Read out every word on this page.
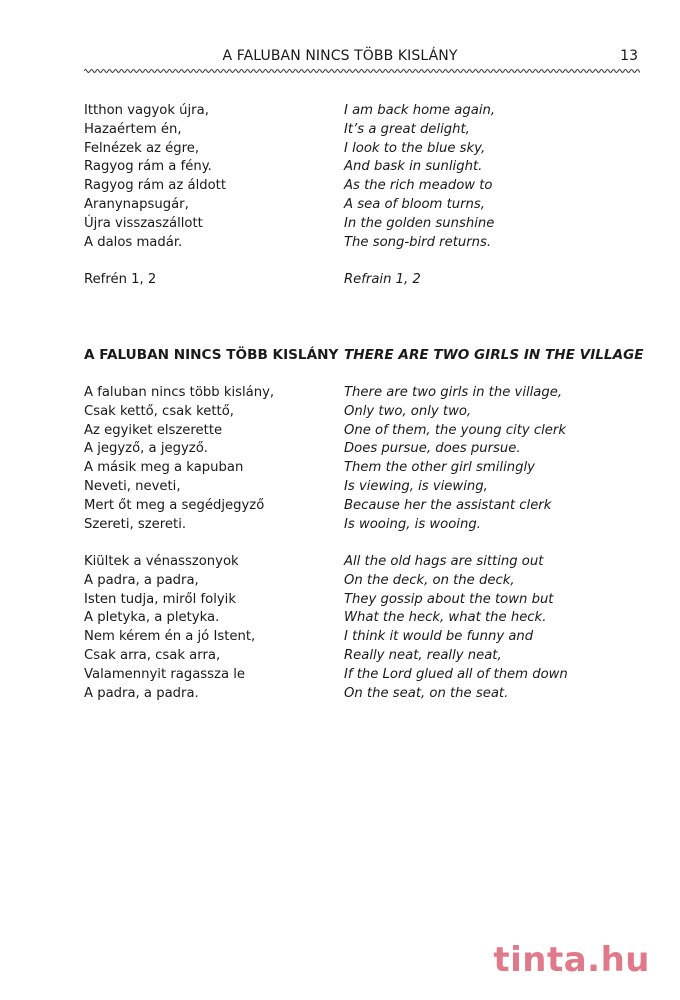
A FALUBAN NINCS TÖBB KISLÁNY	13
Itthon vagyok újra,
Hazaértem én,
Felnézek az égre,
Ragyog rám a fény.
Ragyog rám az áldott
Aranynapsugár,
Újra visszaszállott
A dalos madár.
I am back home again,
It’s a great delight,
I look to the blue sky,
And bask in sunlight.
As the rich meadow to
A sea of bloom turns,
In the golden sunshine
The song-bird returns.
Refrén 1, 2	Refrain 1, 2
A FALUBAN NINCS TÖBB KISLÁNY THERE ARE TWO GIRLS IN THE VILLAGE
A faluban nincs több kislány,
Csak kettő, csak kettő,
Az egyiket elszerette
A jegyző, a jegyző.
A másik meg a kapuban
Neveti, neveti,
Mert őt meg a segédjegyző
Szereti, szereti.
There are two girls in the village,
Only two, only two,
One of them, the young city clerk
Does pursue, does pursue.
Them the other girl smilingly
Is viewing, is viewing,
Because her the assistant clerk
Is wooing, is wooing.
Kiültek a vénasszonyok
A padra, a padra,
Isten tudja, miről folyik
A pletyka, a pletyka.
Nem kérem én a jó Istent,
Csak arra, csak arra,
Valamennyit ragassza le
A padra, a padra.
All the old hags are sitting out
On the deck, on the deck,
They gossip about the town but
What the heck, what the heck.
I think it would be funny and
Really neat, really neat,
If the Lord glued all of them down
On the seat, on the seat.
tinta.hu
